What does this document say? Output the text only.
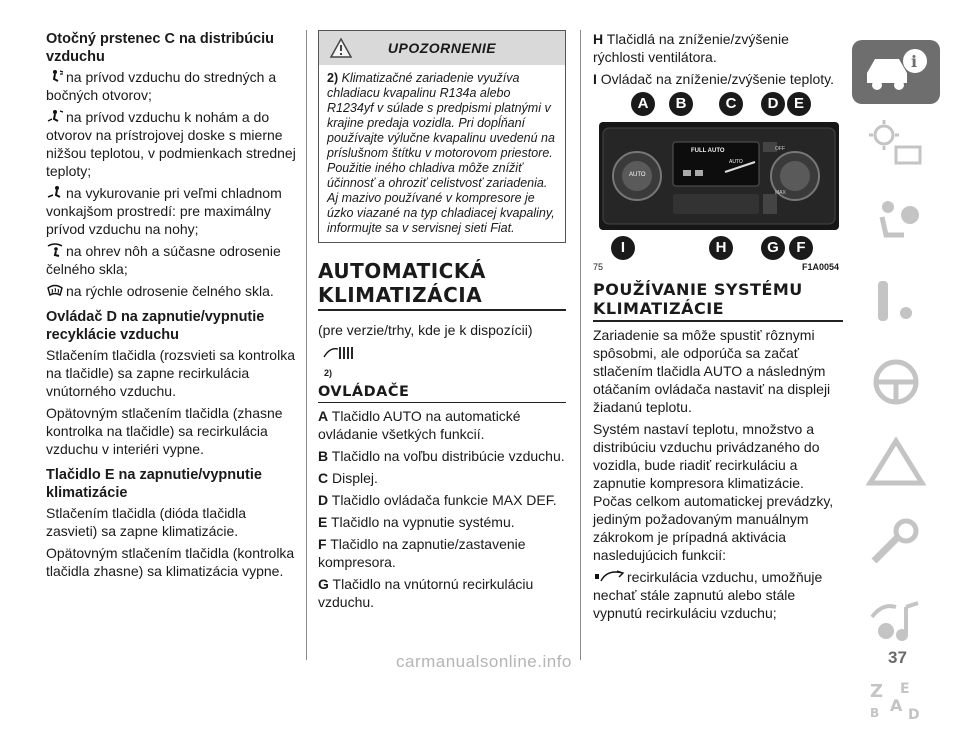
Otočný prstenec C na distribúciu vzduchu

na prívod vzduchu do stredných a bočných otvorov;

na prívod vzduchu k nohám a do otvorov na prístrojovej doske s mierne nižšou teplotou, v podmienkach strednej teploty;

na vykurovanie pri veľmi chladnom vonkajšom prostredí: pre maximálny prívod vzduchu na nohy;

na ohrev nôh a súčasne odrosenie čelného skla;

na rýchle odrosenie čelného skla.

Ovládač D na zapnutie/vypnutie recyklácie vzduchu

Stlačením tlačidla (rozsvieti sa kontrolka na tlačidle) sa zapne recirkulácia vnútorného vzduchu.

Opätovným stlačením tlačidla (zhasne kontrolka na tlačidle) sa recirkulácia vzduchu v interiéri vypne.

Tlačidlo E na zapnutie/vypnutie klimatizácie

Stlačením tlačidla (dióda tlačidla zasvieti) sa zapne klimatizácie.

Opätovným stlačením tlačidla (kontrolka tlačidla zhasne) sa klimatizácia vypne.

UPOZORNENIE
2) Klimatizačné zariadenie využíva chladiacu kvapalinu R134a alebo R1234yf v súlade s predpismi platnými v krajine predaja vozidla. Pri dopĺňaní používajte výlučne kvapalinu uvedenú na príslušnom štítku v motorovom priestore. Použitie iného chladiva môže znížiť účinnosť a ohroziť celistvosť zariadenia. Aj mazivo používané v kompresore je úzko viazané na typ chladiacej kvapaliny, informujte sa v servisnej sieti Fiat.
AUTOMATICKÁ
KLIMATIZÁCIA

(pre verzie/trhy, kde je k dispozícii)

2)
OVLÁDAČE

A Tlačidlo AUTO na automatické ovládanie všetkých funkcií.

B Tlačidlo na voľbu distribúcie vzduchu.

C Displej.

D Tlačidlo ovládača funkcie MAX DEF.

E Tlačidlo na vypnutie systému.

F Tlačidlo na zapnutie/zastavenie kompresora.

G Tlačidlo na vnútornú recirkuláciu vzduchu.

H Tlačidlá na zníženie/zvýšenie rýchlosti ventilátora.

I Ovládač na zníženie/zvýšenie teploty.

A	B	C	D	E
FULL AUTO
AUTO
OFF
MAX
AUTO
I	H	G	F
75	F1A0054
POUŽÍVANIE SYSTÉMU
KLIMATIZÁCIE

Zariadenie sa môže spustiť rôznymi spôsobmi, ale odporúča sa začať stlačením tlačidla AUTO a následným otáčaním ovládača nastaviť na displeji žiadanú teplotu.

Systém nastaví teplotu, množstvo a distribúciu vzduchu privádzaného do vozidla, bude riadiť recirkuláciu a zapnutie kompresora klimatizácie. Počas celkom automatickej prevádzky, jediným požadovaným manuálnym zákrokom je prípadná aktivácia nasledujúcich funkcií:

recirkulácia vzduchu, umožňuje nechať stále zapnutú alebo stále vypnutú recirkuláciu vzduchu;

i
Z E
A
B D
37
carmanualsonline.info
